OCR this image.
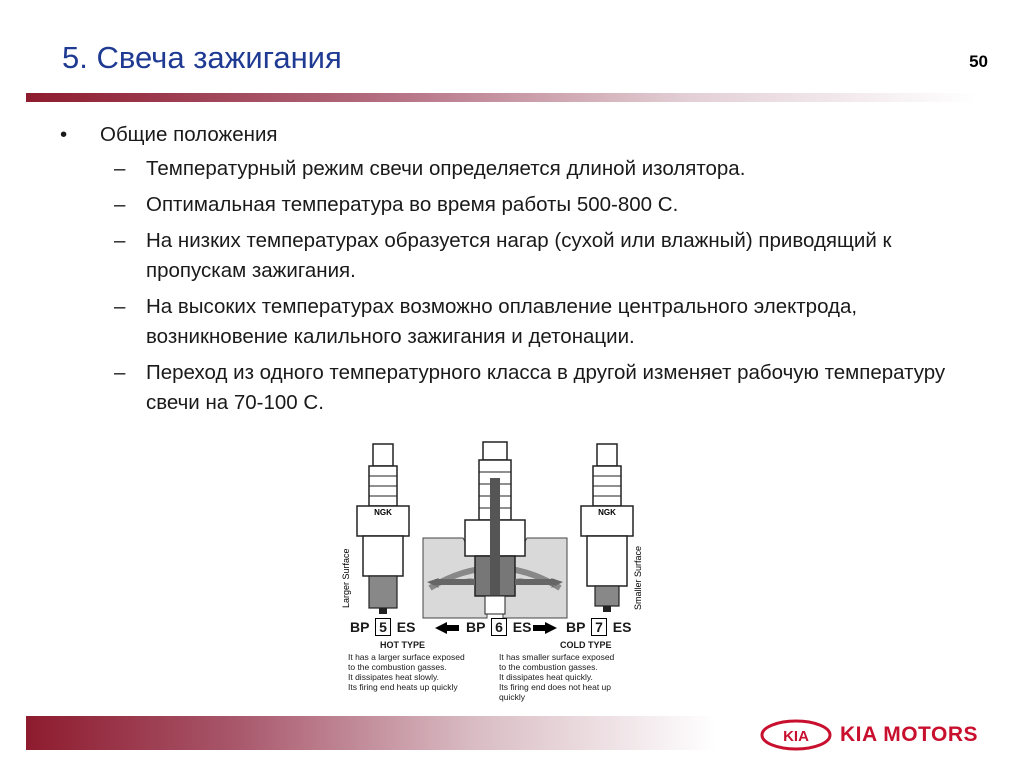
5. Свеча зажигания	50
• Общие положения
– Температурный режим свечи определяется длиной изолятора.
– Оптимальная температура во время работы 500-800 С.
– На низких температурах образуется нагар (сухой или влажный) приводящий к пропускам зажигания.
– На высоких температурах возможно оплавление центрального электрода, возникновение калильного зажигания и детонации.
– Переход из одного температурного класса в другой изменяет рабочую температуру свечи на 70-100 С.
NGK
Larger Surface
NGK
Smaller Surface
BP 5 ES	BP 6 ES BP 7 ES
HOT TYPE	COLD TYPE
It has a larger surface exposed
to the combustion gasses.
It dissipates heat slowly.
Its firing end heats up quickly
It has smaller surface exposed
to the combustion gasses.
It dissipates heat quickly.
Its firing end does not heat up
quickly
KIA KIA MOTORS
